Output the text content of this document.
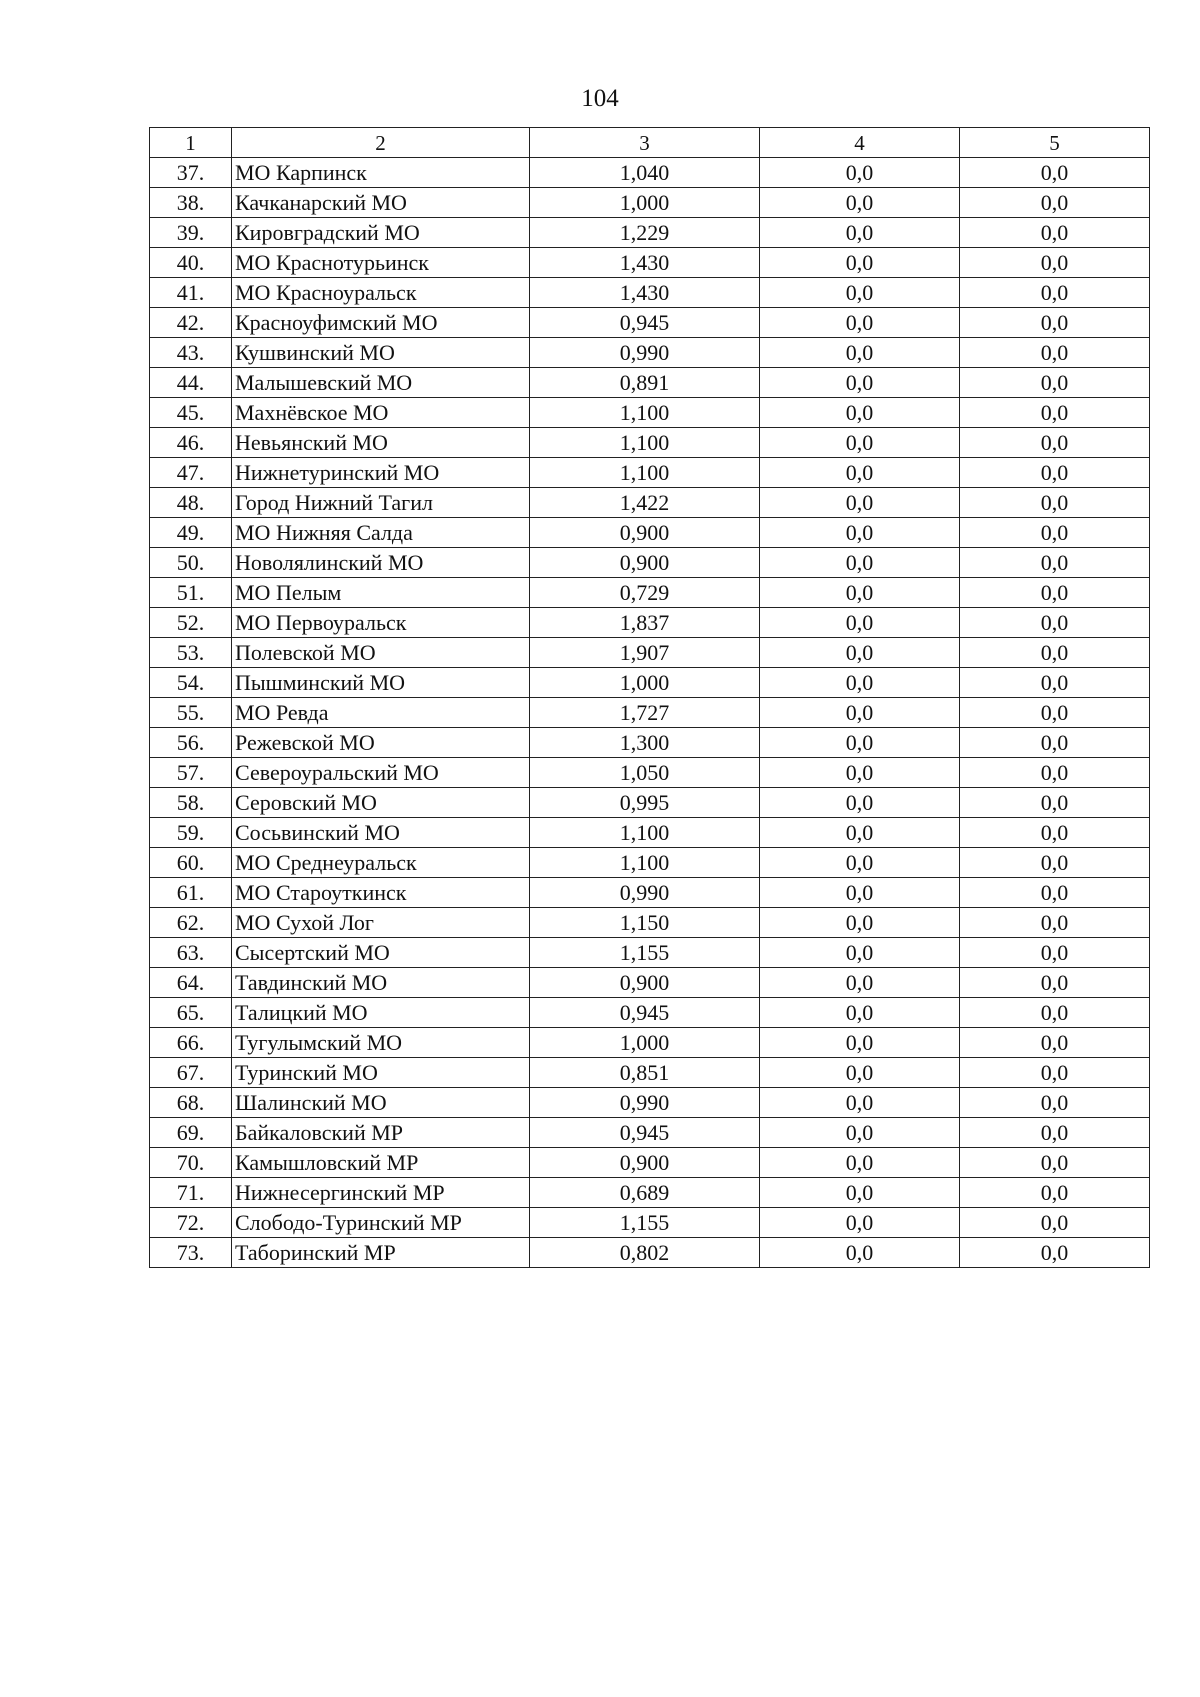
104
1	2	3	4	5
37.	МО Карпинск	1,040	0,0	0,0
38.	Качканарский МО	1,000	0,0	0,0
39.	Кировградский МО	1,229	0,0	0,0
40.	МО Краснотурьинск	1,430	0,0	0,0
41.	МО Красноуральск	1,430	0,0	0,0
42.	Красноуфимский МО	0,945	0,0	0,0
43.	Кушвинский МО	0,990	0,0	0,0
44.	Малышевский МО	0,891	0,0	0,0
45.	Махнёвское МО	1,100	0,0	0,0
46.	Невьянский МО	1,100	0,0	0,0
47.	Нижнетуринский МО	1,100	0,0	0,0
48.	Город Нижний Тагил	1,422	0,0	0,0
49.	МО Нижняя Салда	0,900	0,0	0,0
50.	Новолялинский МО	0,900	0,0	0,0
51.	МО Пелым	0,729	0,0	0,0
52.	МО Первоуральск	1,837	0,0	0,0
53.	Полевской МО	1,907	0,0	0,0
54.	Пышминский МО	1,000	0,0	0,0
55.	МО Ревда	1,727	0,0	0,0
56.	Режевской МО	1,300	0,0	0,0
57.	Североуральский МО	1,050	0,0	0,0
58.	Серовский МО	0,995	0,0	0,0
59.	Сосьвинский МО	1,100	0,0	0,0
60.	МО Среднеуральск	1,100	0,0	0,0
61.	МО Староуткинск	0,990	0,0	0,0
62.	МО Сухой Лог	1,150	0,0	0,0
63.	Сысертский МО	1,155	0,0	0,0
64.	Тавдинский МО	0,900	0,0	0,0
65.	Талицкий МО	0,945	0,0	0,0
66.	Тугулымский МО	1,000	0,0	0,0
67.	Туринский МО	0,851	0,0	0,0
68.	Шалинский МО	0,990	0,0	0,0
69.	Байкаловский МР	0,945	0,0	0,0
70.	Камышловский МР	0,900	0,0	0,0
71.	Нижнесергинский МР	0,689	0,0	0,0
72.	Слободо-Туринский МР	1,155	0,0	0,0
73.	Таборинский МР	0,802	0,0	0,0
